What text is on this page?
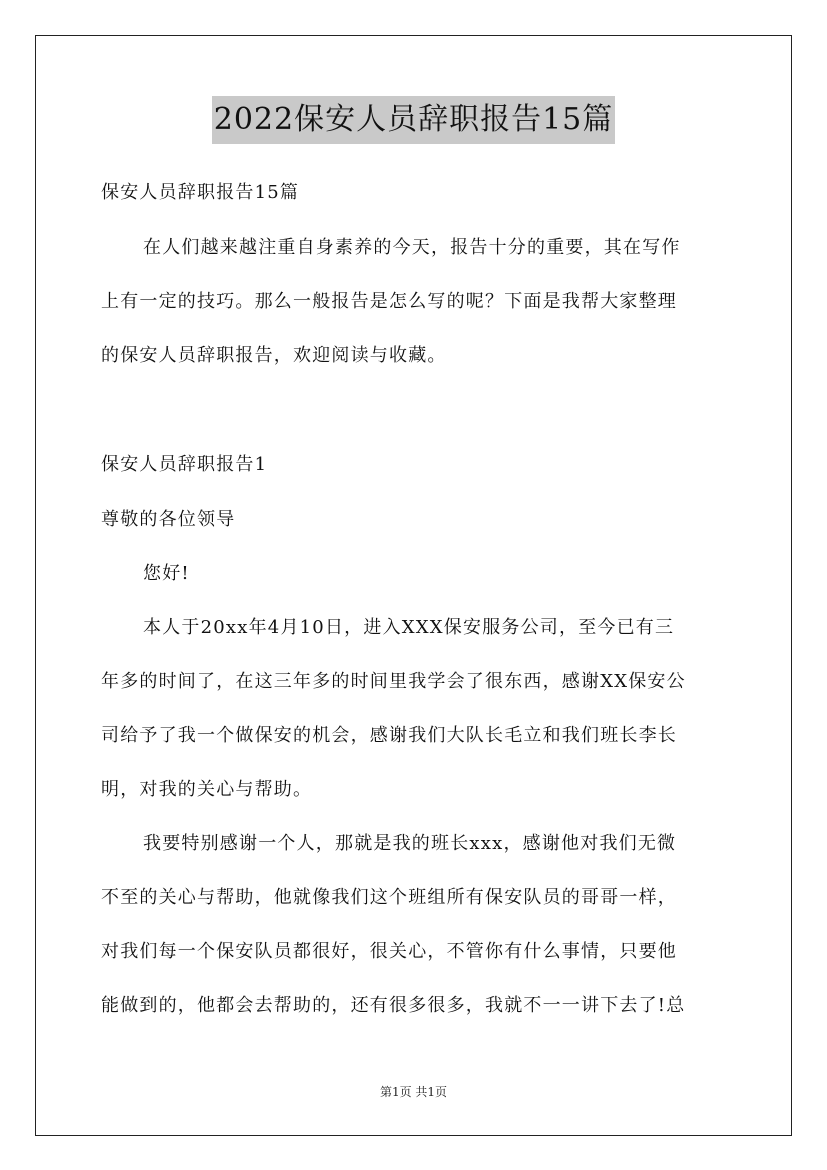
2022保安人员辞职报告15篇
保安人员辞职报告15篇
在人们越来越注重自身素养的今天，报告十分的重要，其在写作
上有一定的技巧。那么一般报告是怎么写的呢？下面是我帮大家整理
的保安人员辞职报告，欢迎阅读与收藏。
保安人员辞职报告1
尊敬的各位领导
您好!
本人于20xx年4月10日，进入XXX保安服务公司，至今已有三
年多的时间了，在这三年多的时间里我学会了很东西，感谢XX保安公
司给予了我一个做保安的机会，感谢我们大队长毛立和我们班长李长
明，对我的关心与帮助。
我要特别感谢一个人，那就是我的班长xxx，感谢他对我们无微
不至的关心与帮助，他就像我们这个班组所有保安队员的哥哥一样，
对我们每一个保安队员都很好，很关心，不管你有什么事情，只要他
能做到的，他都会去帮助的，还有很多很多，我就不一一讲下去了!总
第1页 共1页
